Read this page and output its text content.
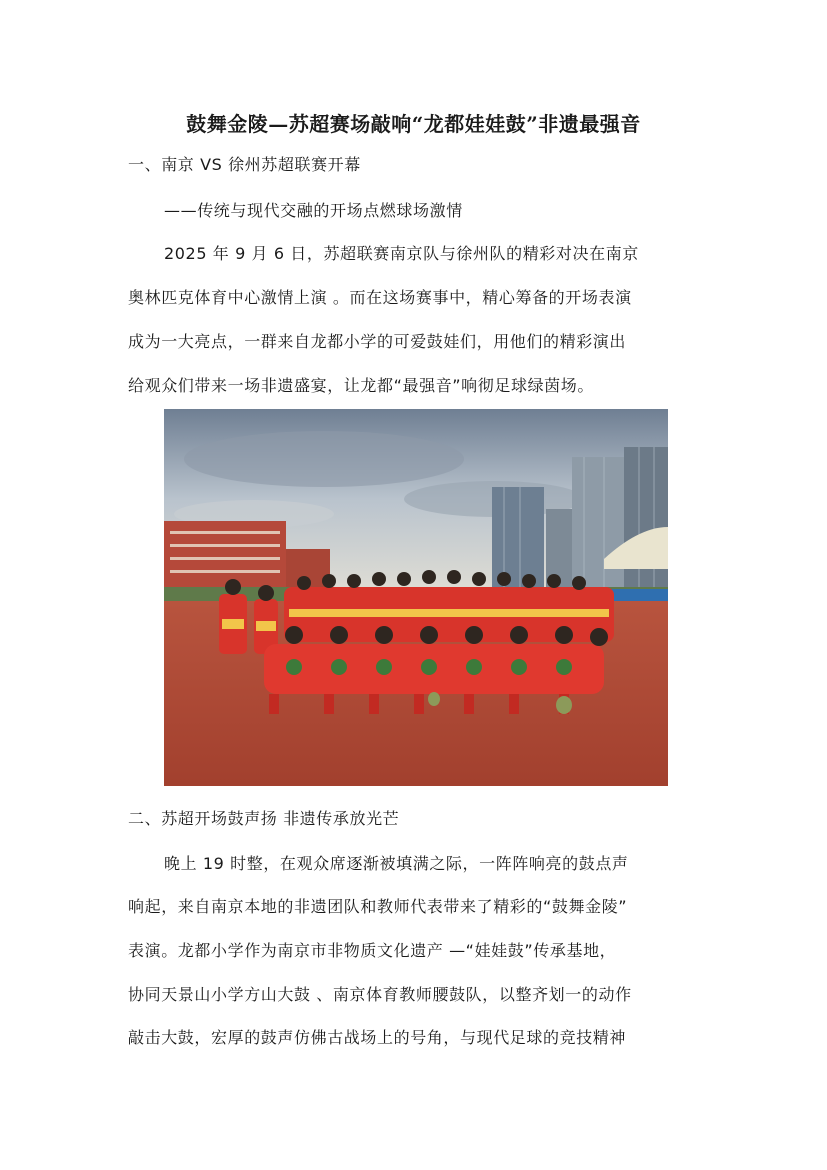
鼓舞金陵—苏超赛场敲响“龙都娃娃鼓”非遗最强音
一、南京 VS 徐州苏超联赛开幕
——传统与现代交融的开场点燃球场激情
2025 年 9 月 6 日，苏超联赛南京队与徐州队的精彩对决在南京
奥林匹克体育中心激情上演 。而在这场赛事中，精心筹备的开场表演
成为一大亮点，一群来自龙都小学的可爱鼓娃们，用他们的精彩演出
给观众们带来一场非遗盛宴，让龙都“最强音”响彻足球绿茵场。
二、苏超开场鼓声扬 非遗传承放光芒
晚上 19 时整，在观众席逐渐被填满之际，一阵阵响亮的鼓点声
响起，来自南京本地的非遗团队和教师代表带来了精彩的“鼓舞金陵”
表演。龙都小学作为南京市非物质文化遗产 —“娃娃鼓”传承基地，
协同天景山小学方山大鼓 、南京体育教师腰鼓队，以整齐划一的动作
敲击大鼓，宏厚的鼓声仿佛古战场上的号角，与现代足球的竞技精神
